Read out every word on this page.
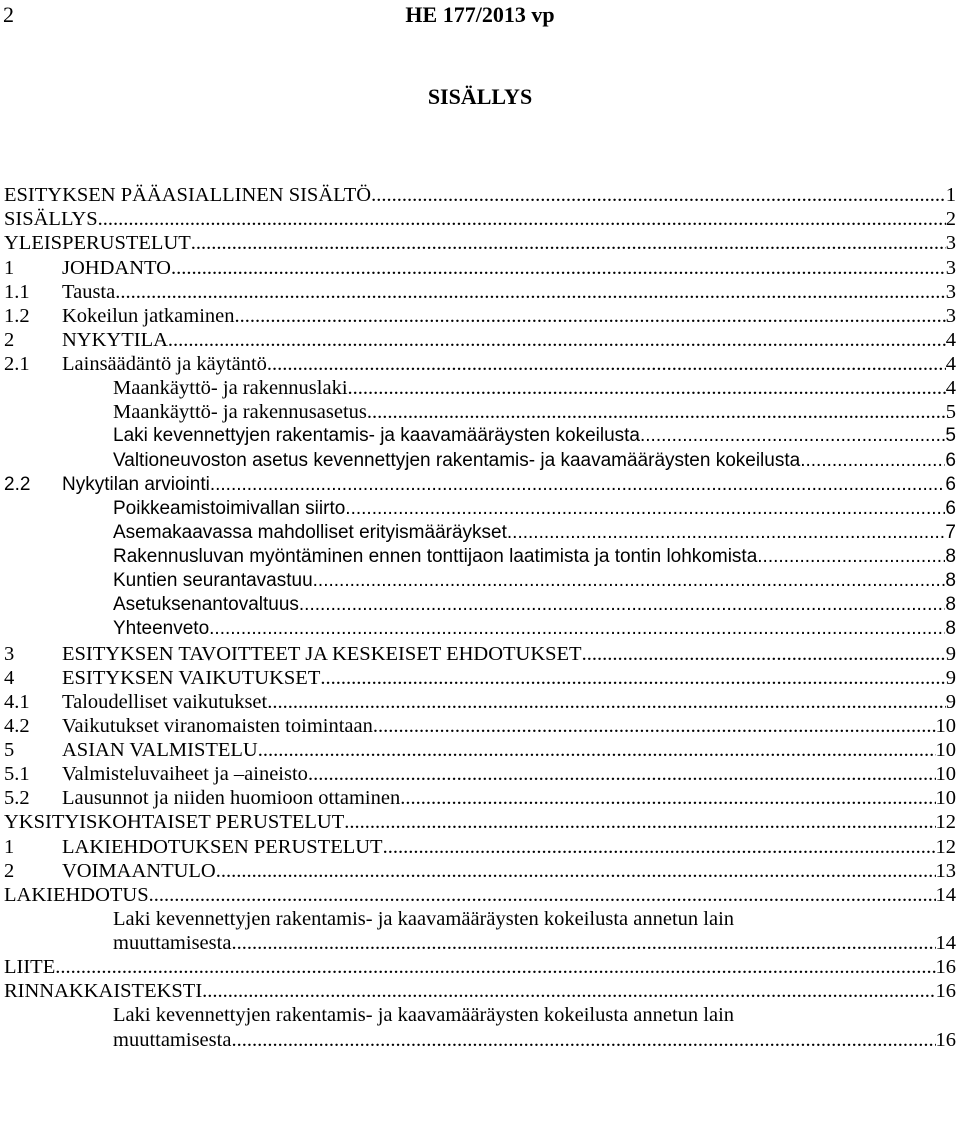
2	HE 177/2013 vp
SISÄLLYS
ESITYKSEN PÄÄASIALLINEN SISÄLTÖ .....	1
SISÄLLYS .....	2
YLEISPERUSTELUT .....	3
1	JOHDANTO .....	3
1.1	Tausta .....	3
1.2	Kokeilun jatkaminen .....	3
2	NYKYTILA .....	4
2.1	Lainsäädäntö ja käytäntö .....	4
Maankäyttö- ja rakennuslaki .....	4
Maankäyttö- ja rakennusasetus .....	5
Laki kevennettyjen rakentamis- ja kaavamääräysten kokeilusta .....	5
Valtioneuvoston asetus kevennettyjen rakentamis- ja kaavamääräysten kokeilusta .....	6
2.2	Nykytilan arviointi .....	6
Poikkeamistoimivallan siirto .....	6
Asemakaavassa mahdolliset erityismääräykset .....	7
Rakennusluvan myöntäminen ennen tonttijaon laatimista ja tontin lohkomista .....	8
Kuntien seurantavastuu .....	8
Asetuksenantovaltuus .....	8
Yhteenveto .....	8
3	ESITYKSEN TAVOITTEET JA KESKEISET EHDOTUKSET .....	9
4	ESITYKSEN VAIKUTUKSET .....	9
4.1	Taloudelliset vaikutukset .....	9
4.2	Vaikutukset viranomaisten toimintaan .....	10
5	ASIAN VALMISTELU .....	10
5.1	Valmisteluvaiheet ja –aineisto .....	10
5.2	Lausunnot ja niiden huomioon ottaminen .....	10
YKSITYISKOHTAISET PERUSTELUT .....	12
1	LAKIEHDOTUKSEN PERUSTELUT .....	12
2	VOIMAANTULO .....	13
LAKIEHDOTUS .....	14
Laki kevennettyjen rakentamis- ja kaavamääräysten kokeilusta annetun lain
muuttamisesta .....	14
LIITE .....	16
RINNAKKAISTEKSTI .....	16
Laki kevennettyjen rakentamis- ja kaavamääräysten kokeilusta annetun lain
muuttamisesta .....	16
